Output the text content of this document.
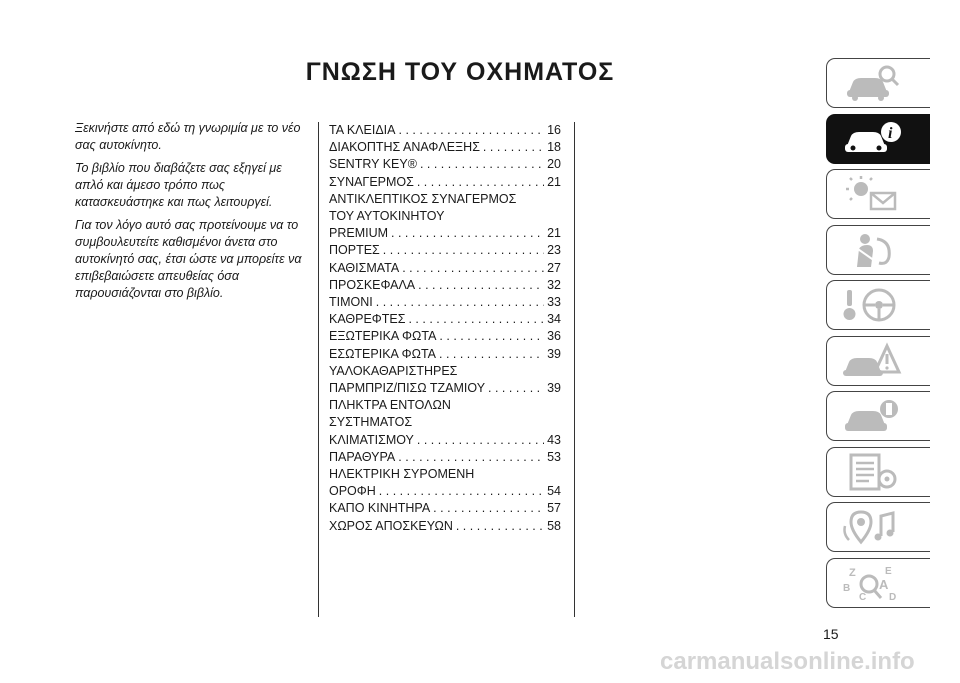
ΓΝΩΣΗ ΤΟΥ ΟΧΗΜΑΤΟΣ

Ξεκινήστε από εδώ τη γνωριμία με το νέο σας αυτοκίνητο.

Το βιβλίο που διαβάζετε σας εξηγεί με απλό και άμεσο τρόπο πως κατασκευάστηκε και πως λειτουργεί.

Για τον λόγο αυτό σας προτείνουμε να το συμβουλευτείτε καθισμένοι άνετα στο αυτοκίνητό σας, έτσι ώστε να μπορείτε να επιβεβαιώσετε απευθείας όσα παρουσιάζονται στο βιβλίο.

ΤΑ ΚΛΕΙΔΙΑ . . .	16
ΔΙΑΚΟΠΤΗΣ ΑΝΑΦΛΕΞΗΣ . . .	18
SENTRY KEY® . . .	20
ΣΥΝΑΓΕΡΜΟΣ . . .	21
ΑΝΤΙΚΛΕΠΤΙΚΟΣ ΣΥΝΑΓΕΡΜΟΣ
ΤΟΥ ΑΥΤΟΚΙΝΗΤΟΥ
PREMIUM . . .	21
ΠΟΡΤΕΣ . . .	23
ΚΑΘΙΣΜΑΤΑ . . .	27
ΠΡΟΣΚΕΦΑΛΑ . . .	32
ΤΙΜΟΝΙ . . .	33
ΚΑΘΡΕΦΤΕΣ . . .	34
ΕΞΩΤΕΡΙΚΑ ΦΩΤΑ . . .	36
ΕΣΩΤΕΡΙΚΑ ΦΩΤΑ . . .	39
ΥΑΛΟΚΑΘΑΡΙΣΤΗΡΕΣ
ΠΑΡΜΠΡΙΖ/ΠΙΣΩ ΤΖΑΜΙΟΥ . . .	39
ΠΛΗΚΤΡΑ ΕΝΤΟΛΩΝ
ΣΥΣΤΗΜΑΤΟΣ
ΚΛΙΜΑΤΙΣΜΟΥ . . .	43
ΠΑΡΑΘΥΡΑ . . .	53
ΗΛΕΚΤΡΙΚΗ ΣΥΡΟΜΕΝΗ
ΟΡΟΦΗ . . .	54
ΚΑΠΟ ΚΙΝΗΤΗΡΑ . . .	57
ΧΩΡΟΣ ΑΠΟΣΚΕΥΩΝ . . .	58
i
Z	E
B A
C D
15
carmanualsonline.info
